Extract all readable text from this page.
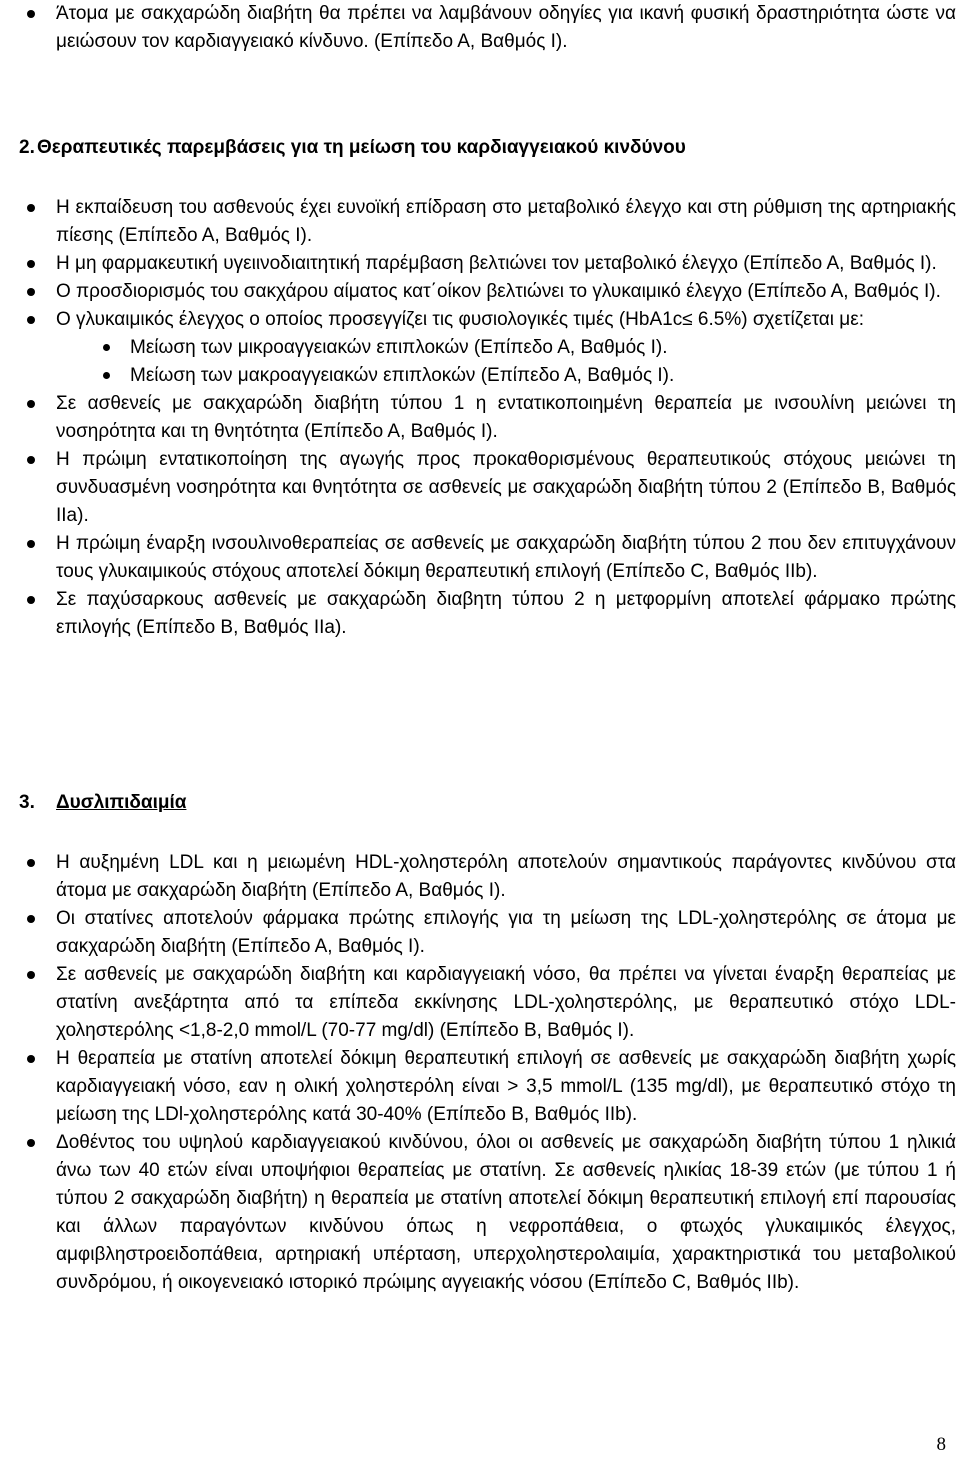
Άτομα με σακχαρώδη διαβήτη θα πρέπει να λαμβάνουν οδηγίες για ικανή φυσική δραστηριότητα ώστε να μειώσουν τον καρδιαγγειακό κίνδυνο. (Επίπεδο Α, Βαθμός Ι).
2. Θεραπευτικές παρεμβάσεις για τη μείωση του καρδιαγγειακού κινδύνου
Η εκπαίδευση του ασθενούς έχει ευνοϊκή επίδραση στο μεταβολικό έλεγχο και στη ρύθμιση της αρτηριακής πίεσης (Επίπεδο Α, Βαθμός Ι).
Η μη φαρμακευτική υγειινοδιαιτητική παρέμβαση βελτιώνει τον μεταβολικό έλεγχο (Επίπεδο Α, Βαθμός Ι).
Ο προσδιορισμός του σακχάρου αίματος κατ΄οίκον βελτιώνει το γλυκαιμικό έλεγχο (Επίπεδο Α, Βαθμός Ι).
Ο γλυκαιμικός έλεγχος ο οποίος προσεγγίζει τις φυσιολογικές τιμές (HbA1c≤ 6.5%) σχετίζεται με:
Μείωση των μικροαγγειακών επιπλοκών (Επίπεδο Α, Βαθμός Ι).
Μείωση των μακροαγγειακών επιπλοκών (Επίπεδο Α, Βαθμός Ι).
Σε ασθενείς με σακχαρώδη διαβήτη τύπου 1 η εντατικοποιημένη θεραπεία με ινσουλίνη μειώνει τη νοσηρότητα και τη θνητότητα (Επίπεδο Α, Βαθμός Ι).
Η πρώιμη εντατικοποίηση της αγωγής προς προκαθορισμένους θεραπευτικούς στόχους μειώνει τη συνδυασμένη νοσηρότητα και θνητότητα σε ασθενείς με σακχαρώδη διαβήτη τύπου 2 (Επίπεδο Β, Βαθμός ΙΙa).
Η πρώιμη έναρξη ινσουλινοθεραπείας σε ασθενείς με σακχαρώδη διαβήτη τύπου 2 που δεν επιτυγχάνουν τους γλυκαιμικούς στόχους αποτελεί δόκιμη θεραπευτική επιλογή (Επίπεδο C, Βαθμός IIb).
Σε παχύσαρκους ασθενείς με σακχαρώδη διαβητη τύπου 2 η μετφορμίνη αποτελεί φάρμακο πρώτης επιλογής (Επίπεδο Β, Βαθμός ΙΙa).
3. Δυσλιπιδαιμία
Η αυξημένη LDL και η μειωμένη HDL-χοληστερόλη αποτελούν σημαντικούς παράγοντες κινδύνου στα άτομα με σακχαρώδη διαβήτη (Επίπεδο Α, Βαθμός Ι).
Οι στατίνες αποτελούν φάρμακα πρώτης επιλογής για τη μείωση της LDL-χοληστερόλης σε άτομα με σακχαρώδη διαβήτη (Επίπεδο Α, Βαθμός Ι).
Σε ασθενείς με σακχαρώδη διαβήτη και καρδιαγγειακή νόσο, θα πρέπει να γίνεται έναρξη θεραπείας με στατίνη ανεξάρτητα από τα επίπεδα εκκίνησης LDL-χοληστερόλης, με θεραπευτικό στόχο LDL-χοληστερόλης <1,8-2,0 mmol/L (70-77 mg/dl) (Επίπεδο Β, Βαθμός Ι).
Η θεραπεία με στατίνη αποτελεί δόκιμη θεραπευτική επιλογή σε ασθενείς με σακχαρώδη διαβήτη χωρίς καρδιαγγειακή νόσο, εαν η ολική χοληστερόλη είναι > 3,5 mmol/L (135 mg/dl), με θεραπευτικό στόχο τη μείωση της LDl-χοληστερόλης κατά 30-40% (Επίπεδο Β, Βαθμός ΙΙb).
Δοθέντος του υψηλού καρδιαγγειακού κινδύνου, όλοι οι ασθενείς με σακχαρώδη διαβήτη τύπου 1 ηλικιά άνω των 40 ετών είναι υποψήφιοι θεραπείας με στατίνη. Σε ασθενείς ηλικίας 18-39 ετών (με τύπου 1 ή τύπου 2 σακχαρώδη διαβήτη) η θεραπεία με στατίνη αποτελεί δόκιμη θεραπευτική επιλογή επί παρουσίας και άλλων παραγόντων κινδύνου όπως η νεφροπάθεια, ο φτωχός γλυκαιμικός έλεγχος, αμφιβληστροειδοπάθεια, αρτηριακή υπέρταση, υπερχοληστερολαιμία, χαρακτηριστικά του μεταβολικού συνδρόμου, ή οικογενειακό ιστορικό πρώιμης αγγειακής νόσου (Επίπεδο C, Βαθμός IIb).
8
